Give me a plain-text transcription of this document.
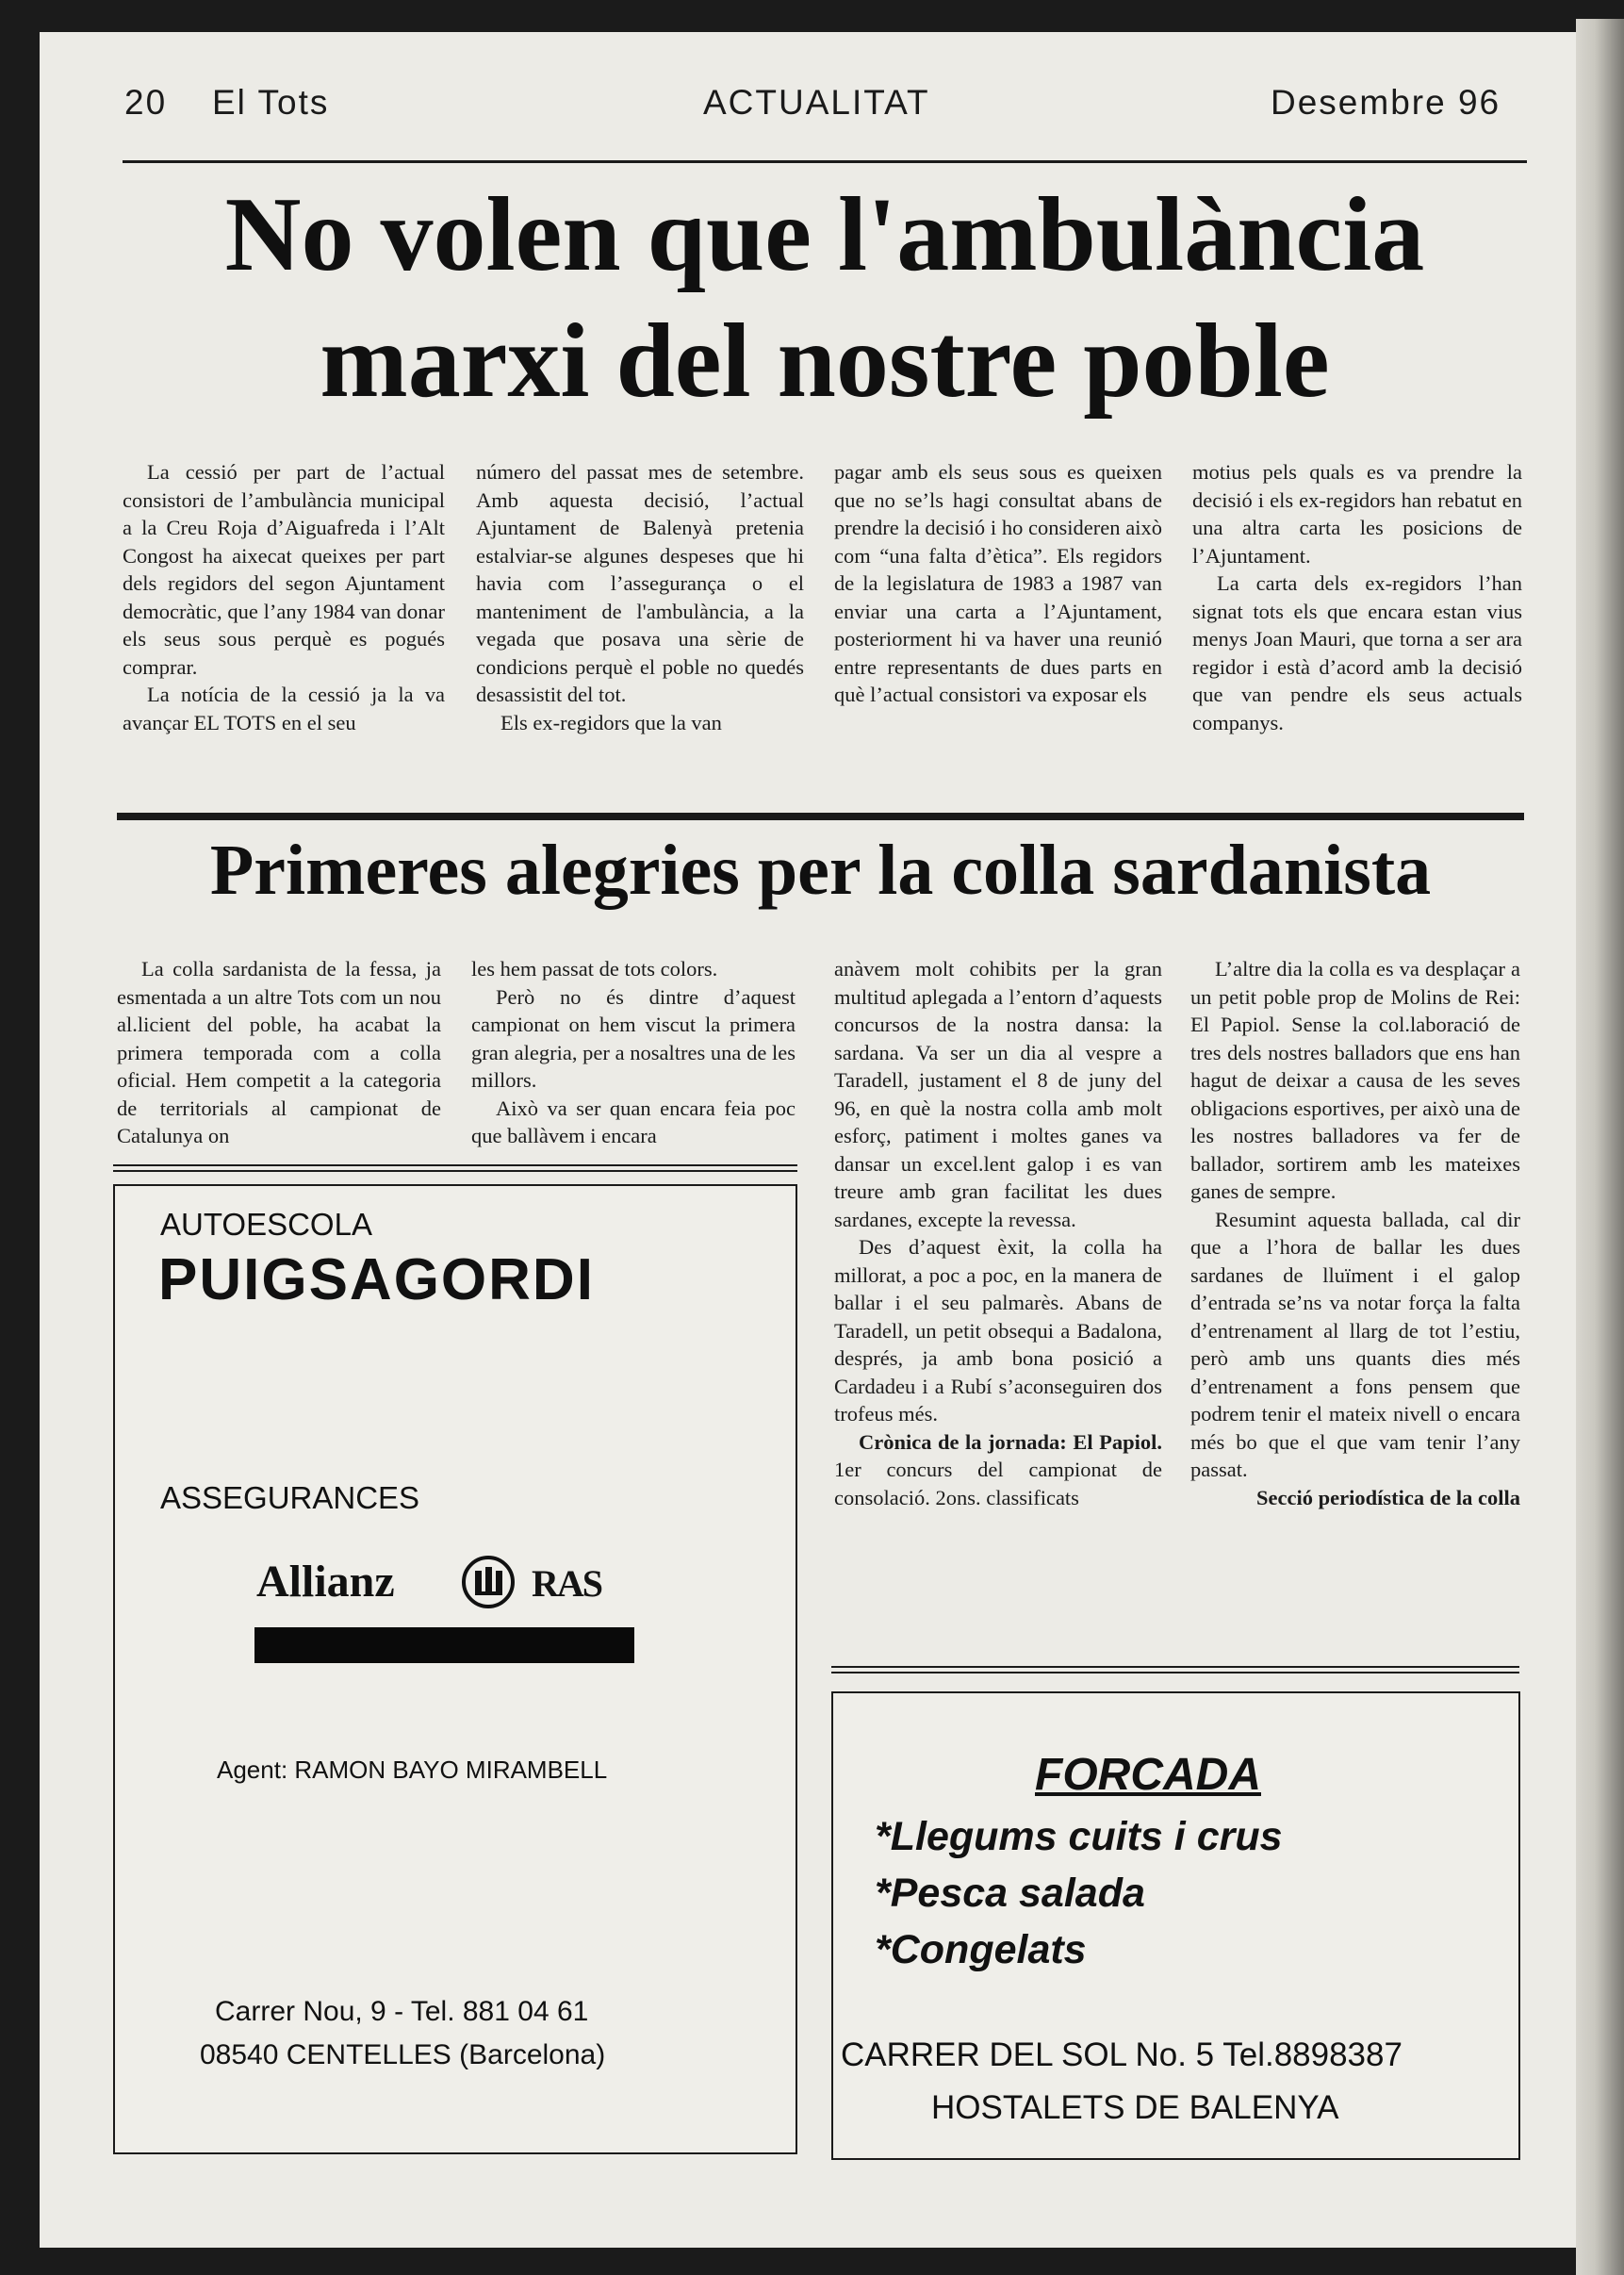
20 El Tots	ACTUALITAT	Desembre 96
No volen que l'ambulància
marxi del nostre poble

La cessió per part de l’actual consistori de l’ambulància municipal a la Creu Roja d’Aiguafreda i l’Alt Congost ha aixecat queixes per part dels regidors del segon Ajuntament democràtic, que l’any 1984 van donar els seus sous perquè es pogués comprar.

La notícia de la cessió ja la va avançar EL TOTS en el seu

número del passat mes de setembre. Amb aquesta decisió, l’actual Ajuntament de Balenyà pretenia estalviar-se algunes despeses que hi havia com l’assegurança o el manteniment de l'ambulància, a la vegada que posava una sèrie de condicions perquè el poble no quedés desassistit del tot.

Els ex-regidors que la van

pagar amb els seus sous es queixen que no se’ls hagi consultat abans de prendre la decisió i ho consideren això com “una falta d’ètica”. Els regidors de la legislatura de 1983 a 1987 van enviar una carta a l’Ajuntament, posteriorment hi va haver una reunió entre representants de dues parts en què l’actual consistori va exposar els

motius pels quals es va prendre la decisió i els ex-regidors han rebatut en una altra carta les posicions de l’Ajuntament.

La carta dels ex-regidors l’han signat tots els que encara estan vius menys Joan Mauri, que torna a ser ara regidor i està d’acord amb la decisió que van pendre els seus actuals companys.

Primeres alegries per la colla sardanista

La colla sardanista de la fessa, ja esmentada a un altre Tots com un nou al.licient del poble, ha acabat la primera temporada com a colla oficial. Hem competit a la categoria de territorials al campionat de Catalunya on

les hem passat de tots colors.

Però no és dintre d’aquest campionat on hem viscut la primera gran alegria, per a nosaltres una de les millors.

Això va ser quan encara feia poc que ballàvem i encara

anàvem molt cohibits per la gran multitud aplegada a l’entorn d’aquests concursos de la nostra dansa: la sardana. Va ser un dia al vespre a Taradell, justament el 8 de juny del 96, en què la nostra colla amb molt esforç, patiment i moltes ganes va dansar un excel.lent galop i es van treure amb gran facilitat les dues sardanes, excepte la revessa.

Des d’aquest èxit, la colla ha millorat, a poc a poc, en la manera de ballar i el seu palmarès. Abans de Taradell, un petit obsequi a Badalona, després, ja amb bona posició a Cardadeu i a Rubí s’aconseguiren dos trofeus més.

Crònica de la jornada: El Papiol. 1er concurs del campionat de consolació. 2ons. classificats

L’altre dia la colla es va desplaçar a un petit poble prop de Molins de Rei: El Papiol. Sense la col.laboració de tres dels nostres balladors que ens han hagut de deixar a causa de les seves obligacions esportives, per això una de les nostres balladores va fer de ballador, sortirem amb les mateixes ganes de sempre.

Resumint aquesta ballada, cal dir que a l’hora de ballar les dues sardanes de lluïment i el galop d’entrada se’ns va notar força la falta d’entrenament al llarg de tot l’estiu, però amb uns quants dies més d’entrenament a fons pensem que podrem tenir el mateix nivell o encara més bo que el que vam tenir l’any passat.

Secció periodística de la colla
AUTOESCOLA
PUIGSAGORDI
ASSEGURANCES
Allianz	RAS
Agent: RAMON BAYO MIRAMBELL
Carrer Nou, 9 - Tel. 881 04 61
08540 CENTELLES (Barcelona)
FORCADA
*Llegums cuits i crus
*Pesca salada
*Congelats
CARRER DEL SOL No. 5 Tel.8898387
HOSTALETS DE BALENYA
